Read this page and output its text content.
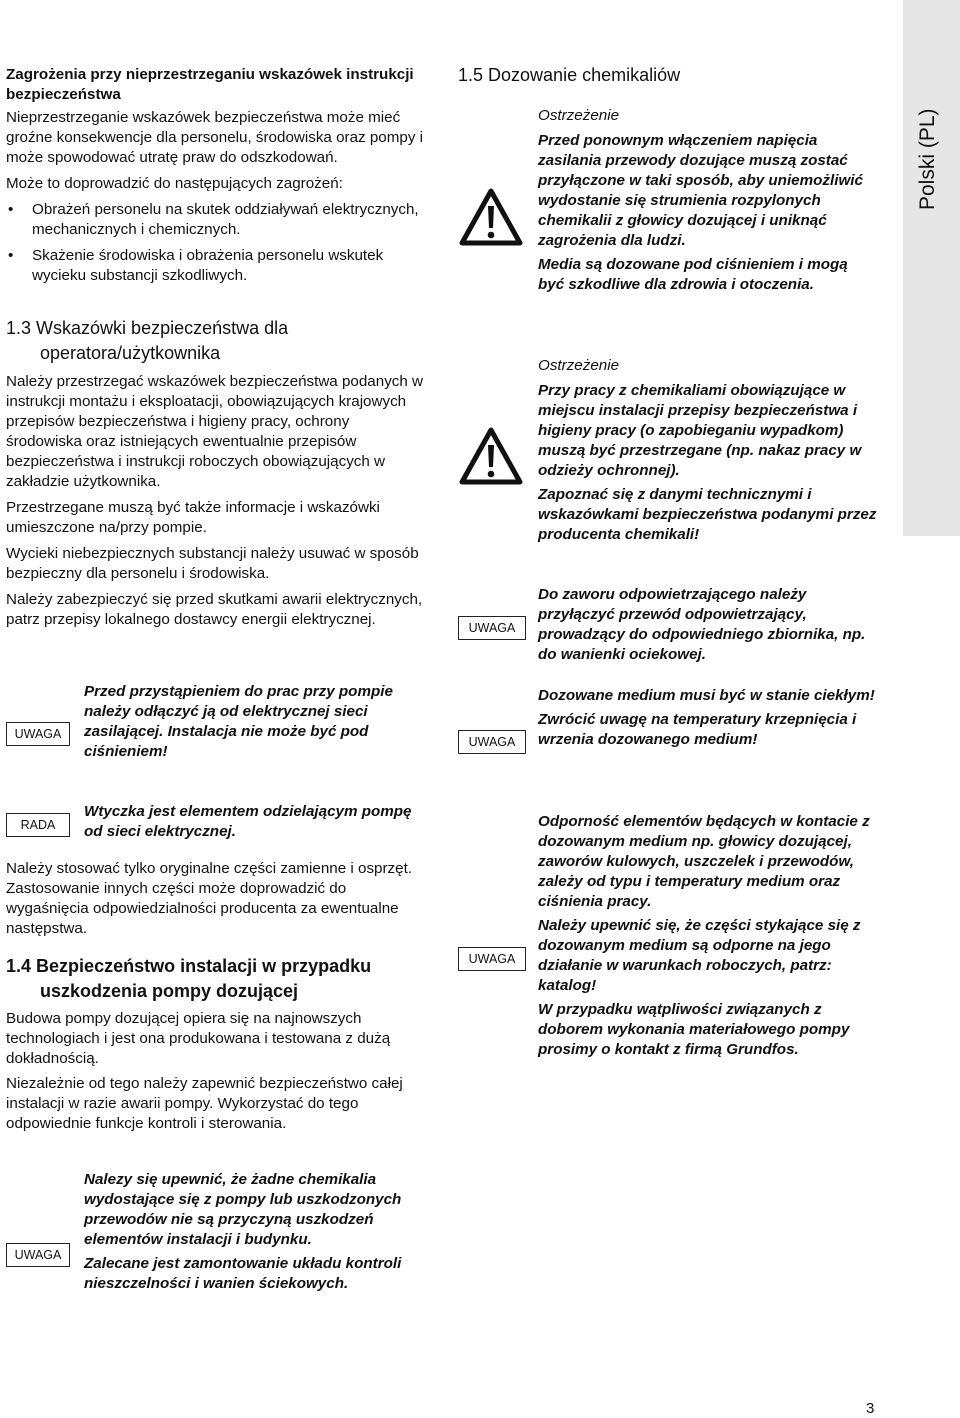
Polski (PL)

Zagrożenia przy nieprzestrzeganiu wskazówek instrukcji bezpieczeństwa

Nieprzestrzeganie wskazówek bezpieczeństwa może mieć groźne konsekwencje dla personelu, środowiska oraz pompy i może spowodować utratę praw do odszkodowań.

Może to doprowadzić do następujących zagrożeń:

• Obrażeń personelu na skutek oddziaływań elektrycznych, mechanicznych i chemicznych.

• Skażenie środowiska i obrażenia personelu wskutek wycieku substancji szkodliwych.

1.3 Wskazówki bezpieczeństwa dla
operatora/użytkownika

Należy przestrzegać wskazówek bezpieczeństwa podanych w instrukcji montażu i eksploatacji, obowiązujących krajowych przepisów bezpieczeństwa i higieny pracy, ochrony środowiska oraz istniejących ewentualnie przepisów bezpieczeństwa i instrukcji roboczych obowiązujących w zakładzie użytkownika.

Przestrzegane muszą być także informacje i wskazówki umieszczone na/przy pompie.

Wycieki niebezpiecznych substancji należy usuwać w sposób bezpieczny dla personelu i środowiska.

Należy zabezpieczyć się przed skutkami awarii elektrycznych, patrz przepisy lokalnego dostawcy energii elektrycznej.

UWAGA

Przed przystąpieniem do prac przy pompie należy odłączyć ją od elektrycznej sieci zasilającej. Instalacja nie może być pod ciśnieniem!

RADA

Wtyczka jest elementem odzielającym pompę od sieci elektrycznej.

Należy stosować tylko oryginalne części zamienne i osprzęt. Zastosowanie innych części może doprowadzić do wygaśnięcia odpowiedzialności producenta za ewentualne następstwa.

1.4 Bezpieczeństwo instalacji w przypadku
uszkodzenia pompy dozującej

Budowa pompy dozującej opiera się na najnowszych technologiach i jest ona produkowana i testowana z dużą dokładnością.

Niezależnie od tego należy zapewnić bezpieczeństwo całej instalacji w razie awarii pompy. Wykorzystać do tego odpowiednie funkcje kontroli i sterowania.

UWAGA

Nalezy się upewnić, że żadne chemikalia wydostające się z pompy lub uszkodzonych przewodów nie są przyczyną uszkodzeń elementów instalacji i budynku.

Zalecane jest zamontowanie układu kontroli nieszczelności i wanien ściekowych.

1.5 Dozowanie chemikaliów

Ostrzeżenie

Przed ponownym włączeniem napięcia zasilania przewody dozujące muszą zostać przyłączone w taki sposób, aby uniemożliwić wydostanie się strumienia rozpylonych chemikalii z głowicy dozującej i uniknąć zagrożenia dla ludzi.

Media są dozowane pod ciśnieniem i mogą być szkodliwe dla zdrowia i otoczenia.

Ostrzeżenie

Przy pracy z chemikaliami obowiązujące w miejscu instalacji przepisy bezpieczeństwa i higieny pracy (o zapobieganiu wypadkom) muszą być przestrzegane (np. nakaz pracy w odzieży ochronnej).

Zapoznać się z danymi technicznymi i wskazówkami bezpieczeństwa podanymi przez producenta chemikali!

UWAGA

Do zaworu odpowietrzającego należy przyłączyć przewód odpowietrzający, prowadzący do odpowiedniego zbiornika, np. do wanienki ociekowej.

UWAGA

Dozowane medium musi być w stanie ciekłym!

Zwrócić uwagę na temperatury krzepnięcia i wrzenia dozowanego medium!

UWAGA

Odporność elementów będących w kontacie z dozowanym medium np. głowicy dozującej, zaworów kulowych, uszczelek i przewodów, zależy od typu i temperatury medium oraz ciśnienia pracy.

Należy upewnić się, że części stykające się z dozowanym medium są odporne na jego działanie w warunkach roboczych, patrz: katalog!

W przypadku wątpliwości związanych z doborem wykonania materiałowego pompy prosimy o kontakt z firmą Grundfos.

3
